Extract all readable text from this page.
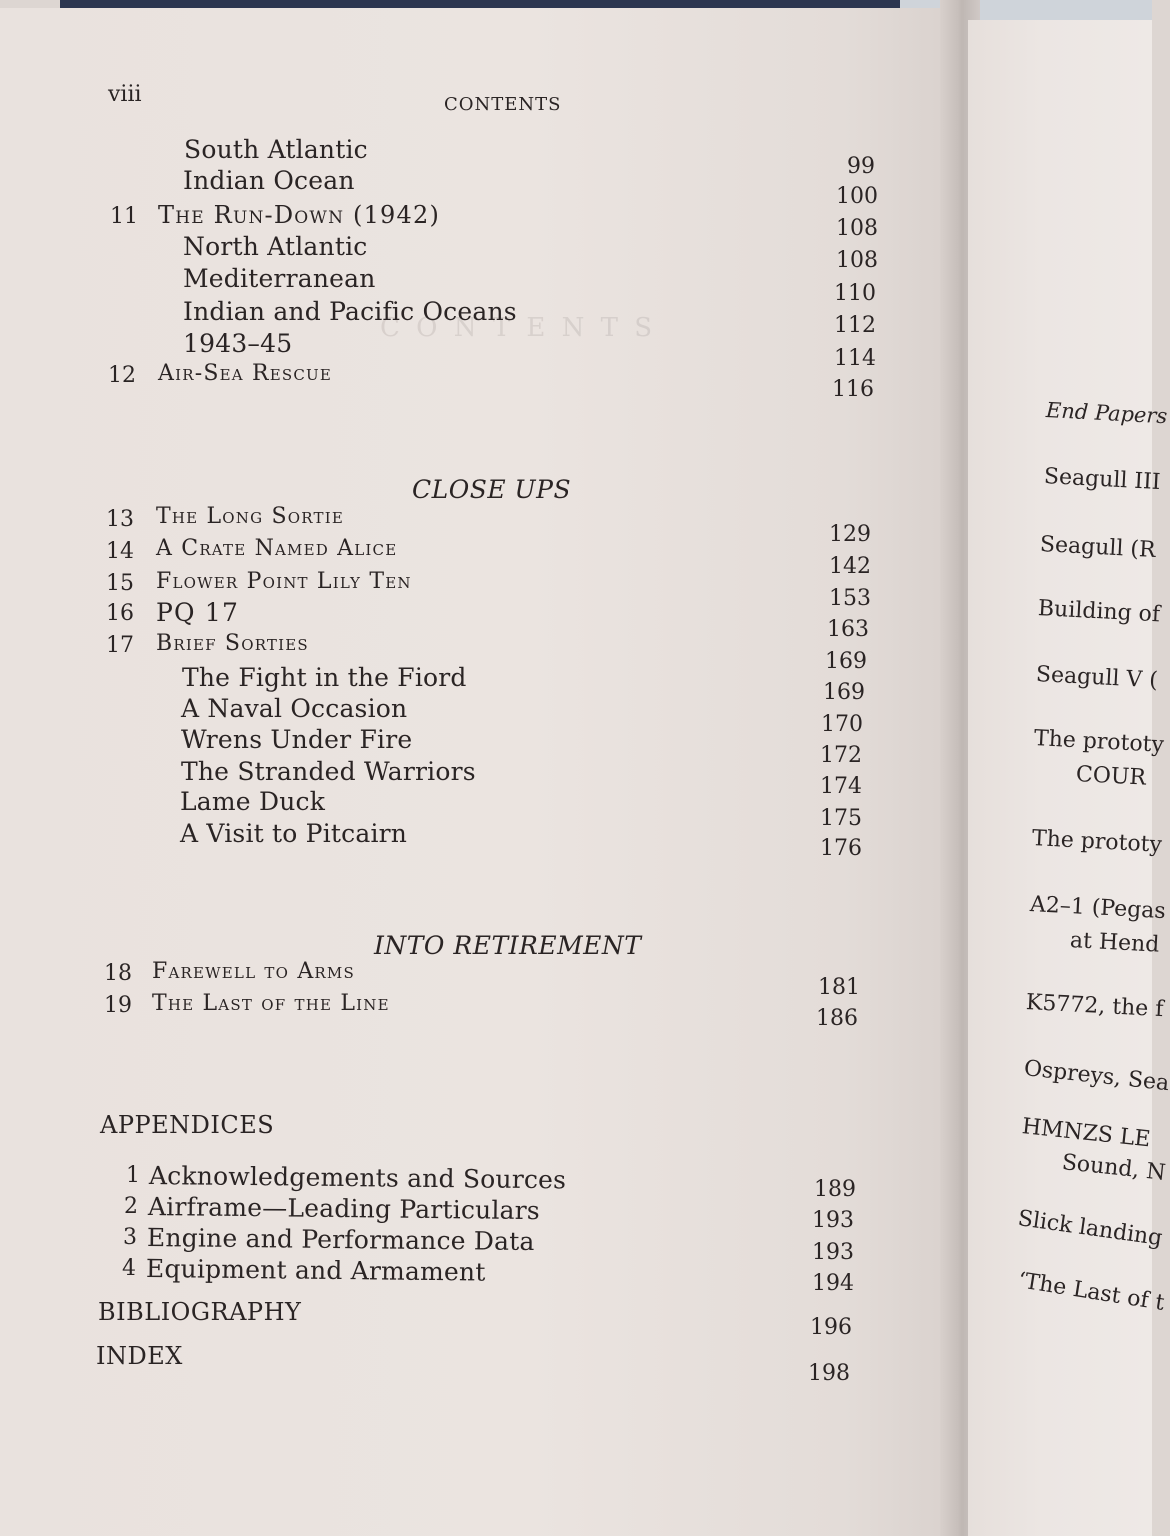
C O N T E N T S
viii	CONTENTS
South Atlantic
Indian Ocean
11 The Run-Down (1942)
North Atlantic
Mediterranean
Indian and Pacific Oceans
1943–45
12 Air-Sea Rescue
99
100
108
108
110
112
114
116
CLOSE UPS
13 The Long Sortie
14 A Crate Named Alice
15 Flower Point Lily Ten
16 PQ 17
17 Brief Sorties
The Fight in the Fiord
A Naval Occasion
Wrens Under Fire
The Stranded Warriors
Lame Duck
A Visit to Pitcairn
129
142
153
163
169
169
170
172
174
175
176
INTO RETIREMENT
18 Farewell to Arms
19 The Last of the Line
181
186
APPENDICES
1 Acknowledgements and Sources
2 Airframe—Leading Particulars
3 Engine and Performance Data
4 Equipment and Armament
189
193
193
194
BIBLIOGRAPHY
196
INDEX
198
End Papers
Seagull III
Seagull (R
Building of
Seagull V (
The prototy
COUR
The prototy
A2–1 (Pegas
at Hend
K5772, the f
Ospreys, Sea
HMNZS LE
Sound, N
Slick landing
‘The Last of t
